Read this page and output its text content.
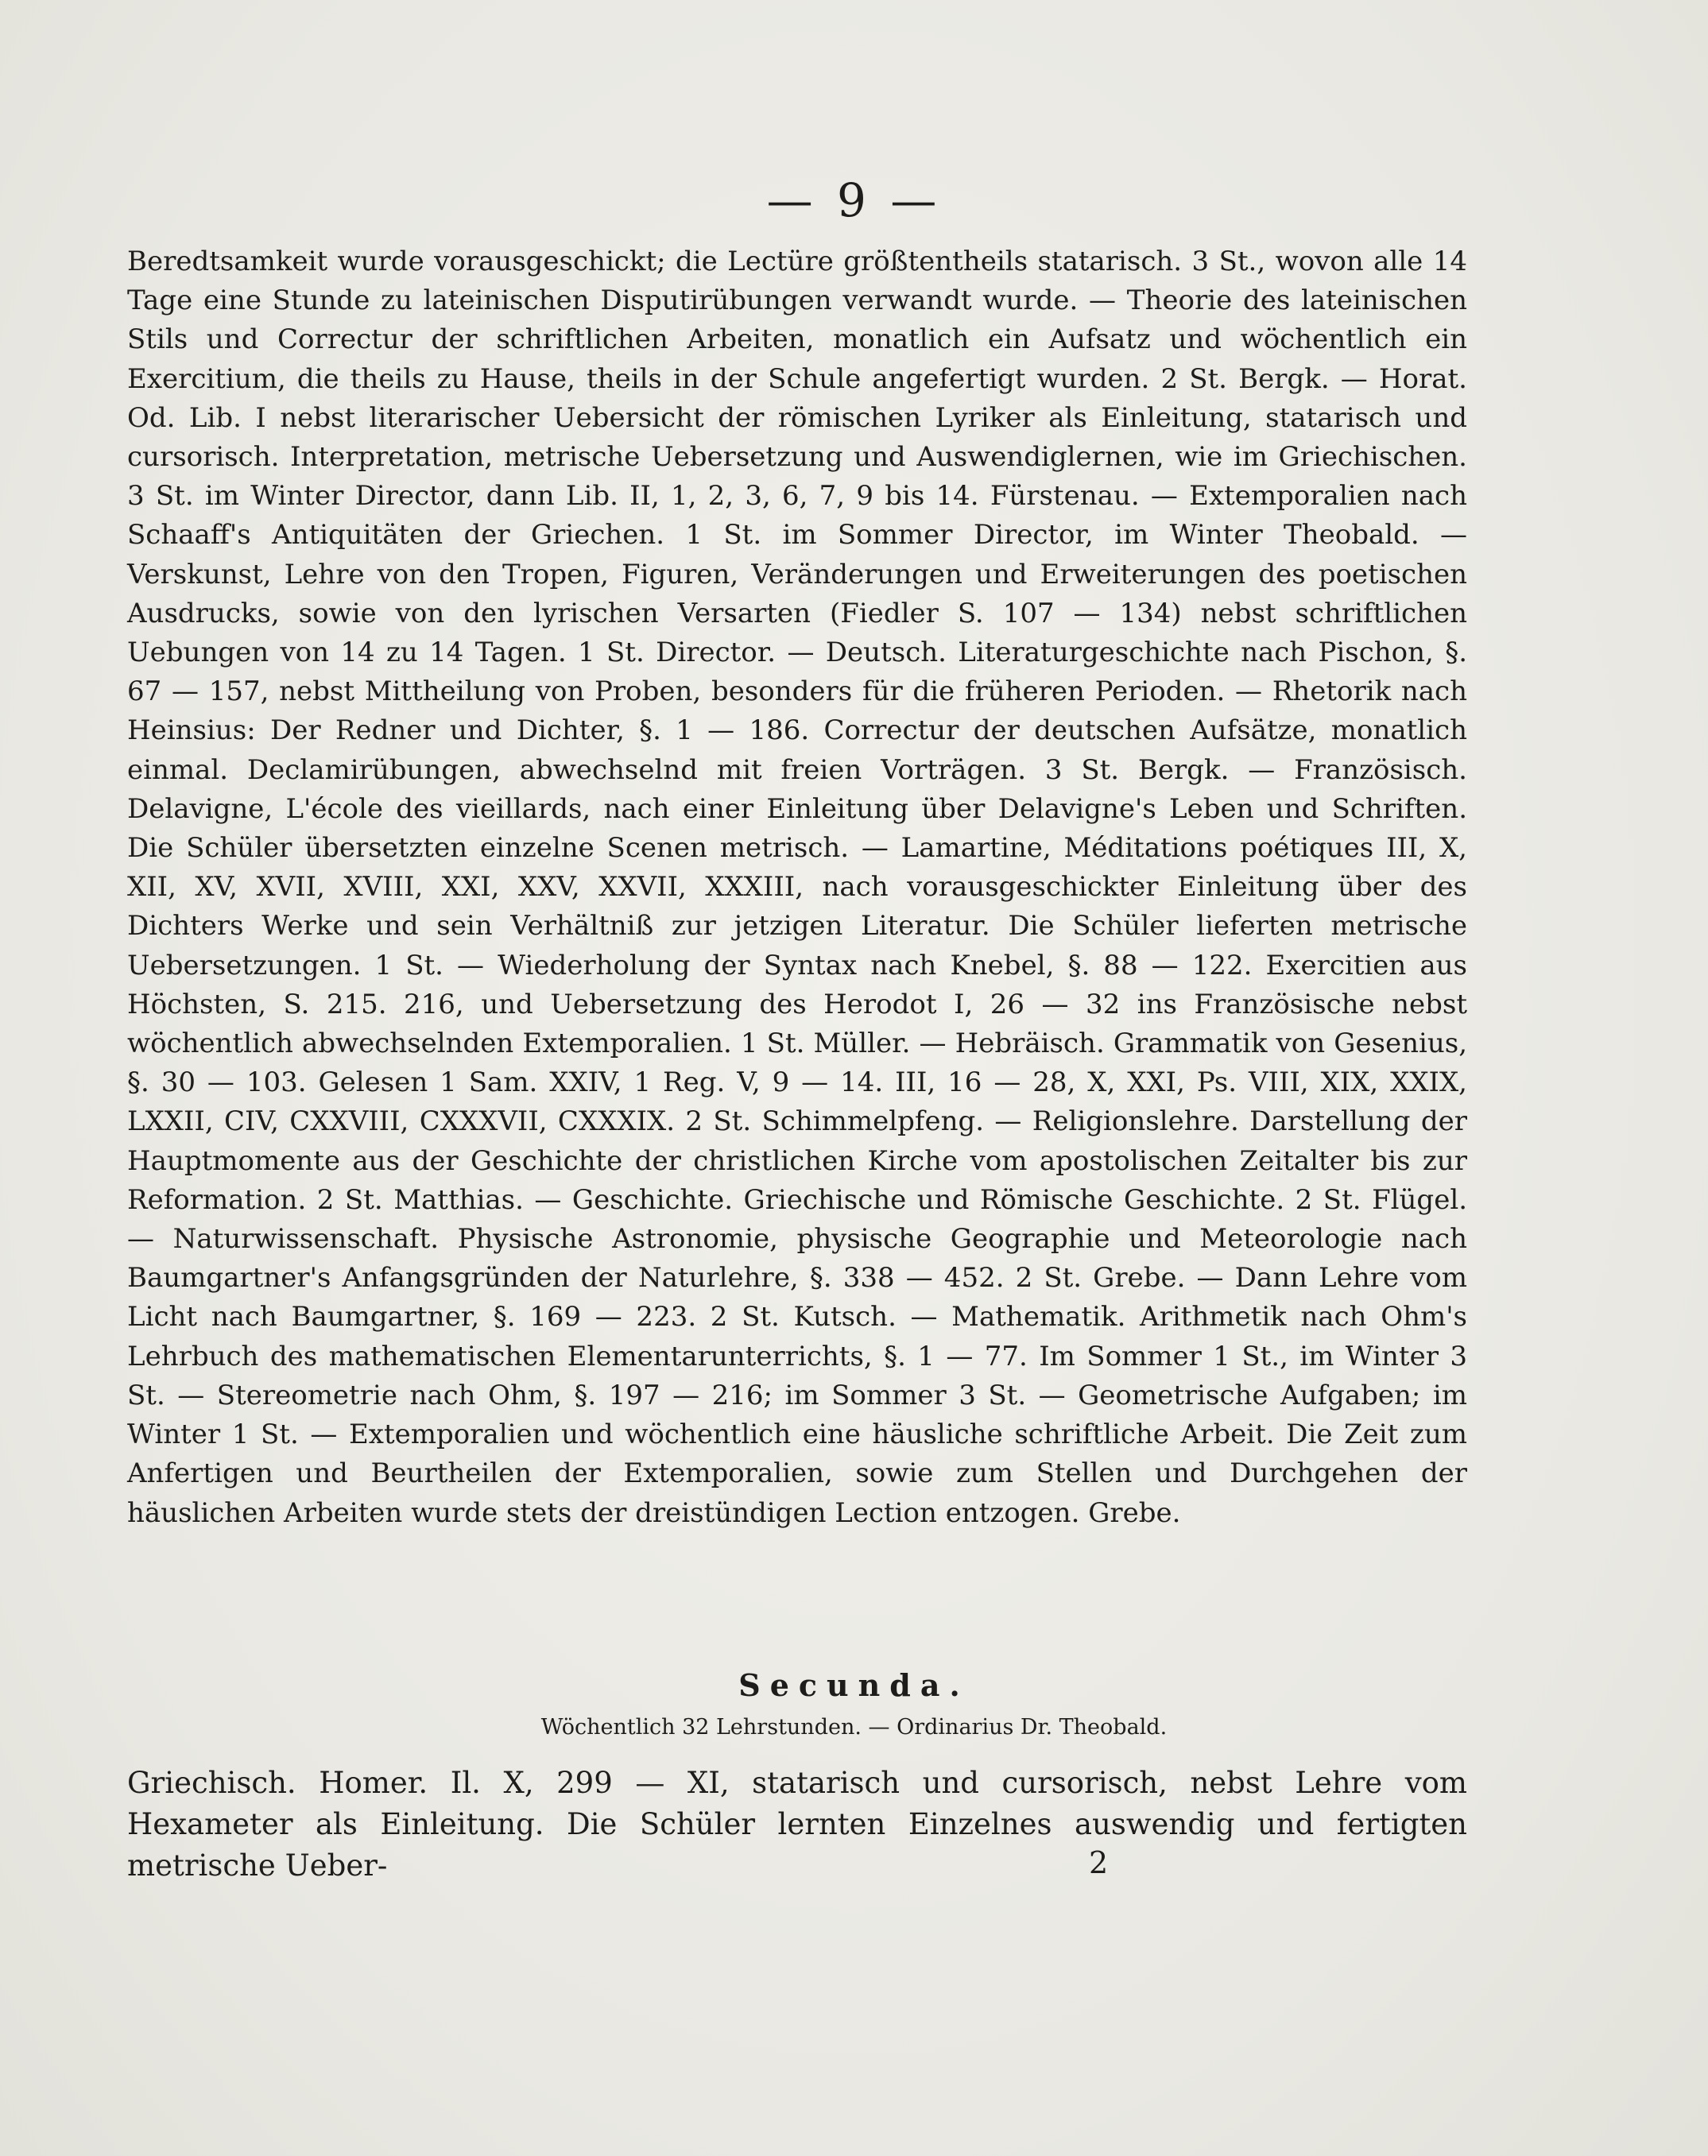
— 9 —

Beredtsamkeit wurde vorausgeschickt; die Lectüre größtentheils statarisch. 3 St., wovon alle 14 Tage eine Stunde zu lateinischen Disputirübungen verwandt wurde. — Theorie des lateinischen Stils und Correctur der schriftlichen Arbeiten, monatlich ein Aufsatz und wöchentlich ein Exercitium, die theils zu Hause, theils in der Schule angefertigt wurden. 2 St. Bergk. — Horat. Od. Lib. I nebst literarischer Uebersicht der römischen Lyriker als Einleitung, statarisch und cursorisch. Interpretation, metrische Uebersetzung und Auswendiglernen, wie im Griechischen. 3 St. im Winter Director, dann Lib. II, 1, 2, 3, 6, 7, 9 bis 14. Fürstenau. — Extemporalien nach Schaaff's Antiquitäten der Griechen. 1 St. im Sommer Director, im Winter Theobald. — Verskunst, Lehre von den Tropen, Figuren, Veränderungen und Erweiterungen des poetischen Ausdrucks, sowie von den lyrischen Versarten (Fiedler S. 107 — 134) nebst schriftlichen Uebungen von 14 zu 14 Tagen. 1 St. Director. — Deutsch. Literaturgeschichte nach Pischon, §. 67 — 157, nebst Mittheilung von Proben, besonders für die früheren Perioden. — Rhetorik nach Heinsius: Der Redner und Dichter, §. 1 — 186. Correctur der deutschen Aufsätze, monatlich einmal. Declamirübungen, abwechselnd mit freien Vorträgen. 3 St. Bergk. — Französisch. Delavigne, L'école des vieillards, nach einer Einleitung über Delavigne's Leben und Schriften. Die Schüler übersetzten einzelne Scenen metrisch. — Lamartine, Méditations poétiques III, X, XII, XV, XVII, XVIII, XXI, XXV, XXVII, XXXIII, nach vorausgeschickter Einleitung über des Dichters Werke und sein Verhältniß zur jetzigen Literatur. Die Schüler lieferten metrische Uebersetzungen. 1 St. — Wiederholung der Syntax nach Knebel, §. 88 — 122. Exercitien aus Höchsten, S. 215. 216, und Uebersetzung des Herodot I, 26 — 32 ins Französische nebst wöchentlich abwechselnden Extemporalien. 1 St. Müller. — Hebräisch. Grammatik von Gesenius, §. 30 — 103. Gelesen 1 Sam. XXIV, 1 Reg. V, 9 — 14. III, 16 — 28, X, XXI, Ps. VIII, XIX, XXIX, LXXII, CIV, CXXVIII, CXXXVII, CXXXIX. 2 St. Schimmelpfeng. — Religionslehre. Darstellung der Hauptmomente aus der Geschichte der christlichen Kirche vom apostolischen Zeitalter bis zur Reformation. 2 St. Matthias. — Geschichte. Griechische und Römische Geschichte. 2 St. Flügel. — Naturwissenschaft. Physische Astronomie, physische Geographie und Meteorologie nach Baumgartner's Anfangsgründen der Naturlehre, §. 338 — 452. 2 St. Grebe. — Dann Lehre vom Licht nach Baumgartner, §. 169 — 223. 2 St. Kutsch. — Mathematik. Arithmetik nach Ohm's Lehrbuch des mathematischen Elementarunterrichts, §. 1 — 77. Im Sommer 1 St., im Winter 3 St. — Stereometrie nach Ohm, §. 197 — 216; im Sommer 3 St. — Geometrische Aufgaben; im Winter 1 St. — Extemporalien und wöchentlich eine häusliche schriftliche Arbeit. Die Zeit zum Anfertigen und Beurtheilen der Extemporalien, sowie zum Stellen und Durchgehen der häuslichen Arbeiten wurde stets der dreistündigen Lection entzogen. Grebe.

Secunda.
Wöchentlich 32 Lehrstunden. — Ordinarius Dr. Theobald.

Griechisch. Homer. Il. X, 299 — XI, statarisch und cursorisch, nebst Lehre vom Hexameter als Einleitung. Die Schüler lernten Einzelnes auswendig und fertigten metrische Ueber-	2
